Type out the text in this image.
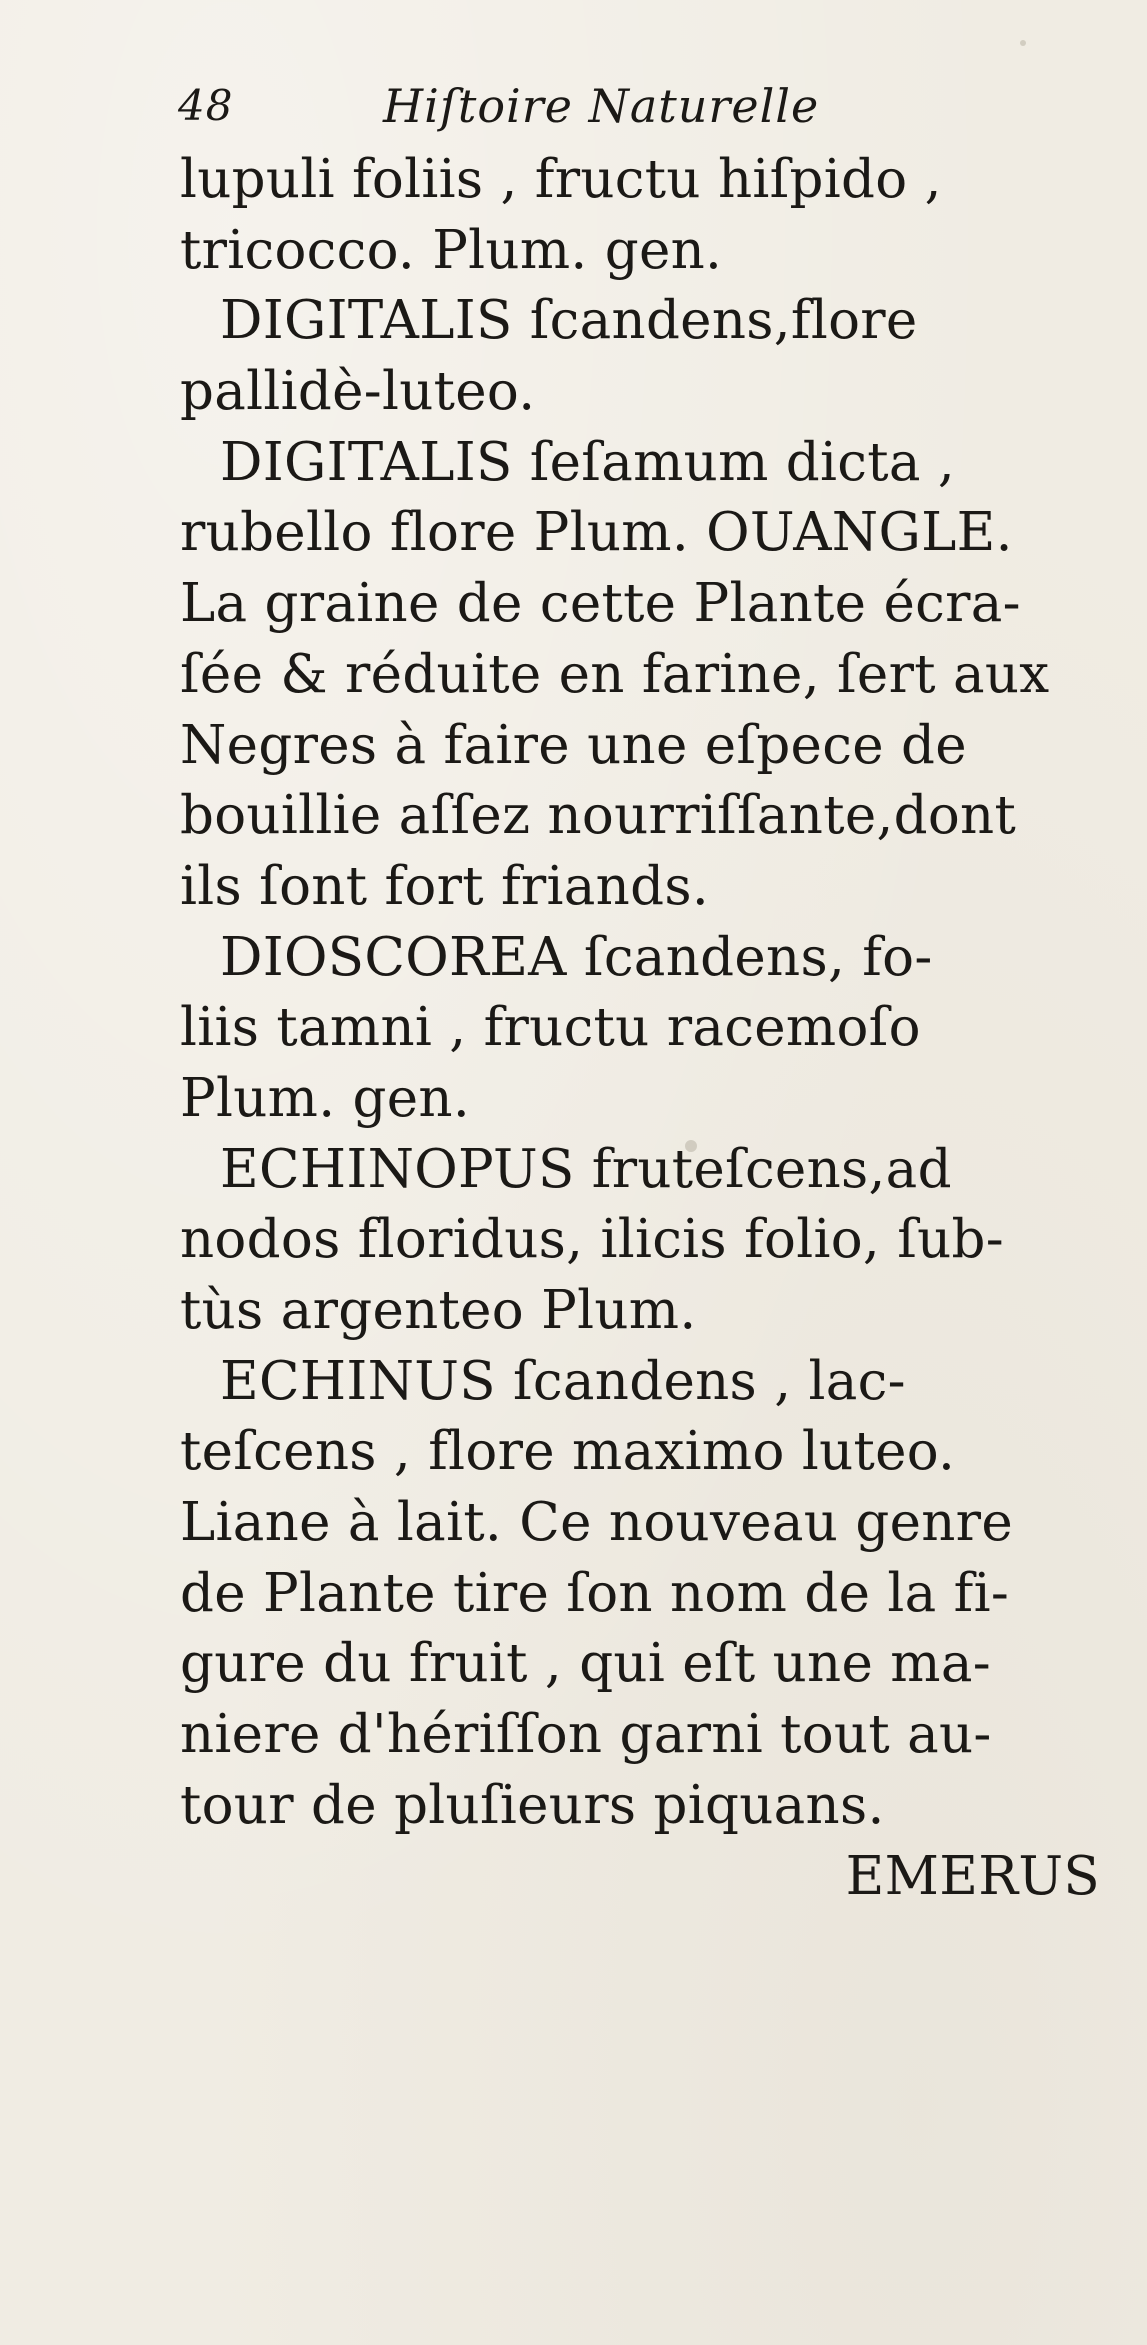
48	Hiſtoire Naturelle
lupuli foliis , fructu hiſpido ,
tricocco. Plum. gen.
DIGITALIS ſcandens,flore
pallidè-luteo.
DIGITALIS ſeſamum dicta ,
rubello flore Plum. OUANGLE.
La graine de cette Plante écra-
ſée & réduite en farine, ſert aux
Negres à faire une eſpece de
bouillie aſſez nourriſſante,dont
ils ſont fort friands.
DIOSCOREA ſcandens, fo-
liis tamni , fructu racemoſo
Plum. gen.
ECHINOPUS fruteſcens,ad
nodos floridus, ilicis folio, ſub-
tùs argenteo Plum.
ECHINUS ſcandens , lac-
teſcens , flore maximo luteo.
Liane à lait. Ce nouveau genre
de Plante tire ſon nom de la fi-
gure du fruit , qui eſt une ma-
niere d'hériſſon garni tout au-
tour de pluſieurs piquans.
EMERUS
